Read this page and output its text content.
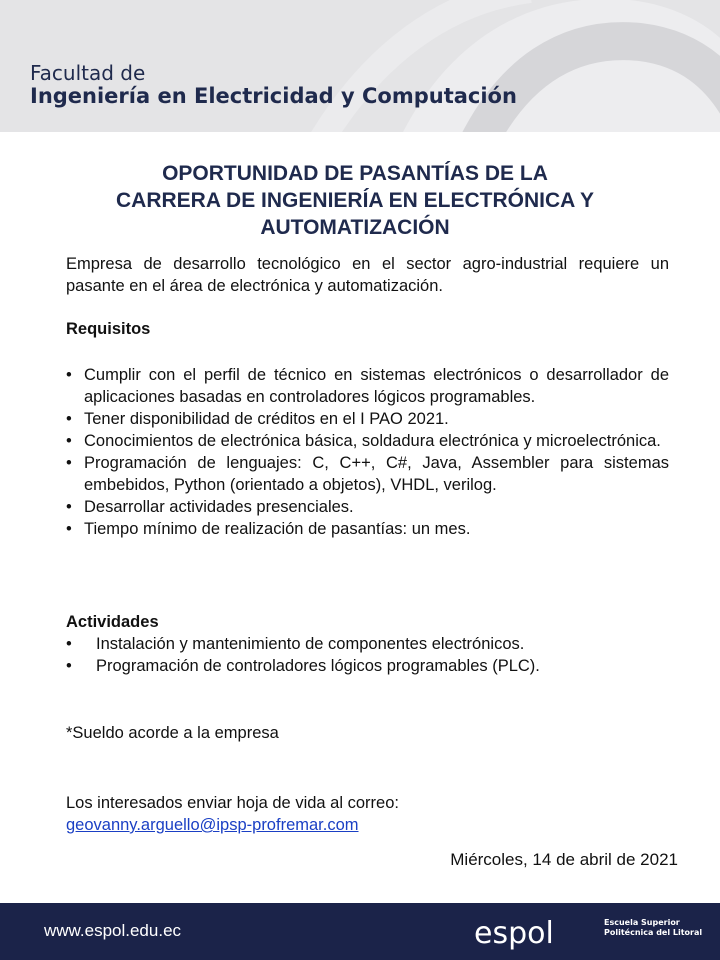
Facultad de
Ingeniería en Electricidad y Computación
OPORTUNIDAD DE PASANTÍAS DE LA
CARRERA DE INGENIERÍA EN ELECTRÓNICA Y
AUTOMATIZACIÓN
Empresa de desarrollo tecnológico en el sector agro-industrial requiere un pasante en el área de electrónica y automatización.
Requisitos
• Cumplir con el perfil de técnico en sistemas electrónicos o desarrollador de aplicaciones basadas en controladores lógicos programables.
• Tener disponibilidad de créditos en el I PAO 2021.
• Conocimientos de electrónica básica, soldadura electrónica y microelectrónica.
• Programación de lenguajes: C, C++, C#, Java, Assembler para sistemas embebidos, Python (orientado a objetos), VHDL, verilog.
• Desarrollar actividades presenciales.
• Tiempo mínimo de realización de pasantías: un mes.
Actividades
• Instalación y mantenimiento de componentes electrónicos.
• Programación de controladores lógicos programables (PLC).
*Sueldo acorde a la empresa
Los interesados enviar hoja de vida al correo:
geovanny.arguello@ipsp-profremar.com
Miércoles, 14 de abril de 2021
www.espol.edu.ec	espol	Escuela Superior
Politécnica del Litoral
